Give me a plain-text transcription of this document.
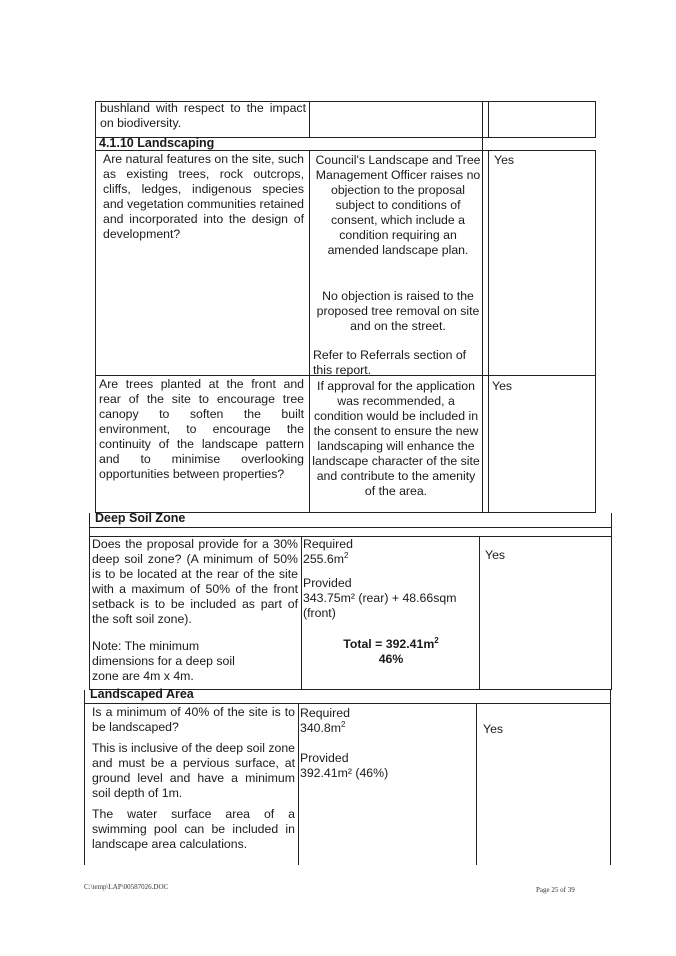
bushland with respect to the impact on biodiversity.
4.1.10 Landscaping
Are natural features on the site, such as existing trees, rock outcrops, cliffs, ledges, indigenous species and vegetation communities retained and incorporated into the design of development?
Council's Landscape and Tree Management Officer raises no objection to the proposal subject to conditions of consent, which include a condition requiring an amended landscape plan.
No objection is raised to the proposed tree removal on site and on the street.
Refer to Referrals section of this report.
Yes
Are trees planted at the front and rear of the site to encourage tree canopy to soften the built environment, to encourage the continuity of the landscape pattern and to minimise overlooking opportunities between properties?
If approval for the application was recommended, a condition would be included in the consent to ensure the new landscaping will enhance the landscape character of the site and contribute to the amenity of the area.
Yes
Deep Soil Zone
Does the proposal provide for a 30% deep soil zone? (A minimum of 50% is to be located at the rear of the site with a maximum of 50% of the front setback is to be included as part of the soft soil zone).
Note: The minimum dimensions for a deep soil zone are 4m x 4m.
Required
$255.6m^2$
Provided
343.75m² (rear) + 48.66sqm (front)
Total = $392.41m^2$
46%
Yes
Landscaped Area
Is a minimum of 40% of the site is to be landscaped?
This is inclusive of the deep soil zone and must be a pervious surface, at ground level and have a minimum soil depth of 1m.
The water surface area of a swimming pool can be included in landscape area calculations.
Required
$340.8m^2$
Provided
392.41m² (46%)
Yes
C:\temp\LAP\00587026.DOC	Page 25 of 39
